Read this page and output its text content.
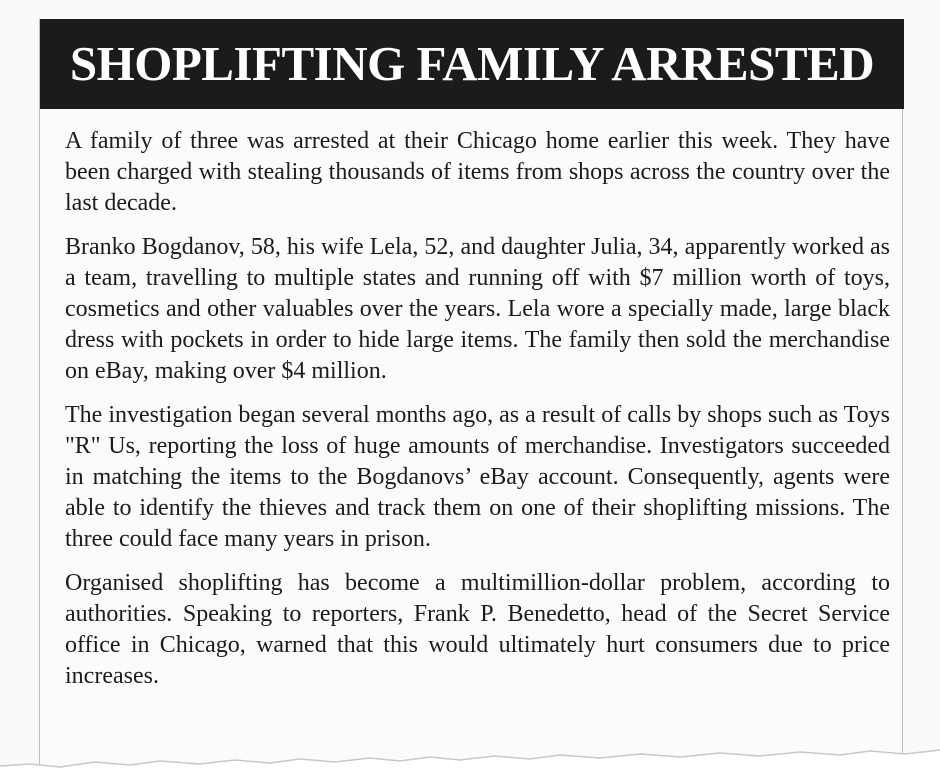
SHOPLIFTING FAMILY ARRESTED

A family of three was arrested at their Chicago home earlier this week. They have been charged with stealing thousands of items from shops across the country over the last decade.

Branko Bogdanov, 58, his wife Lela, 52, and daughter Julia, 34, apparently worked as a team, travelling to multiple states and running off with $7 million worth of toys, cosmetics and other valuables over the years. Lela wore a specially made, large black dress with pockets in order to hide large items. The family then sold the merchandise on eBay, making over $4 million.

The investigation began several months ago, as a result of calls by shops such as Toys "R" Us, reporting the loss of huge amounts of merchandise. Investigators succeeded in matching the items to the Bogdanovs’ eBay account. Consequently, agents were able to identify the thieves and track them on one of their shoplifting missions. The three could face many years in prison.

Organised shoplifting has become a multimillion-dollar problem, according to authorities. Speaking to reporters, Frank P. Benedetto, head of the Secret Service office in Chicago, warned that this would ultimately hurt consumers due to price increases.
